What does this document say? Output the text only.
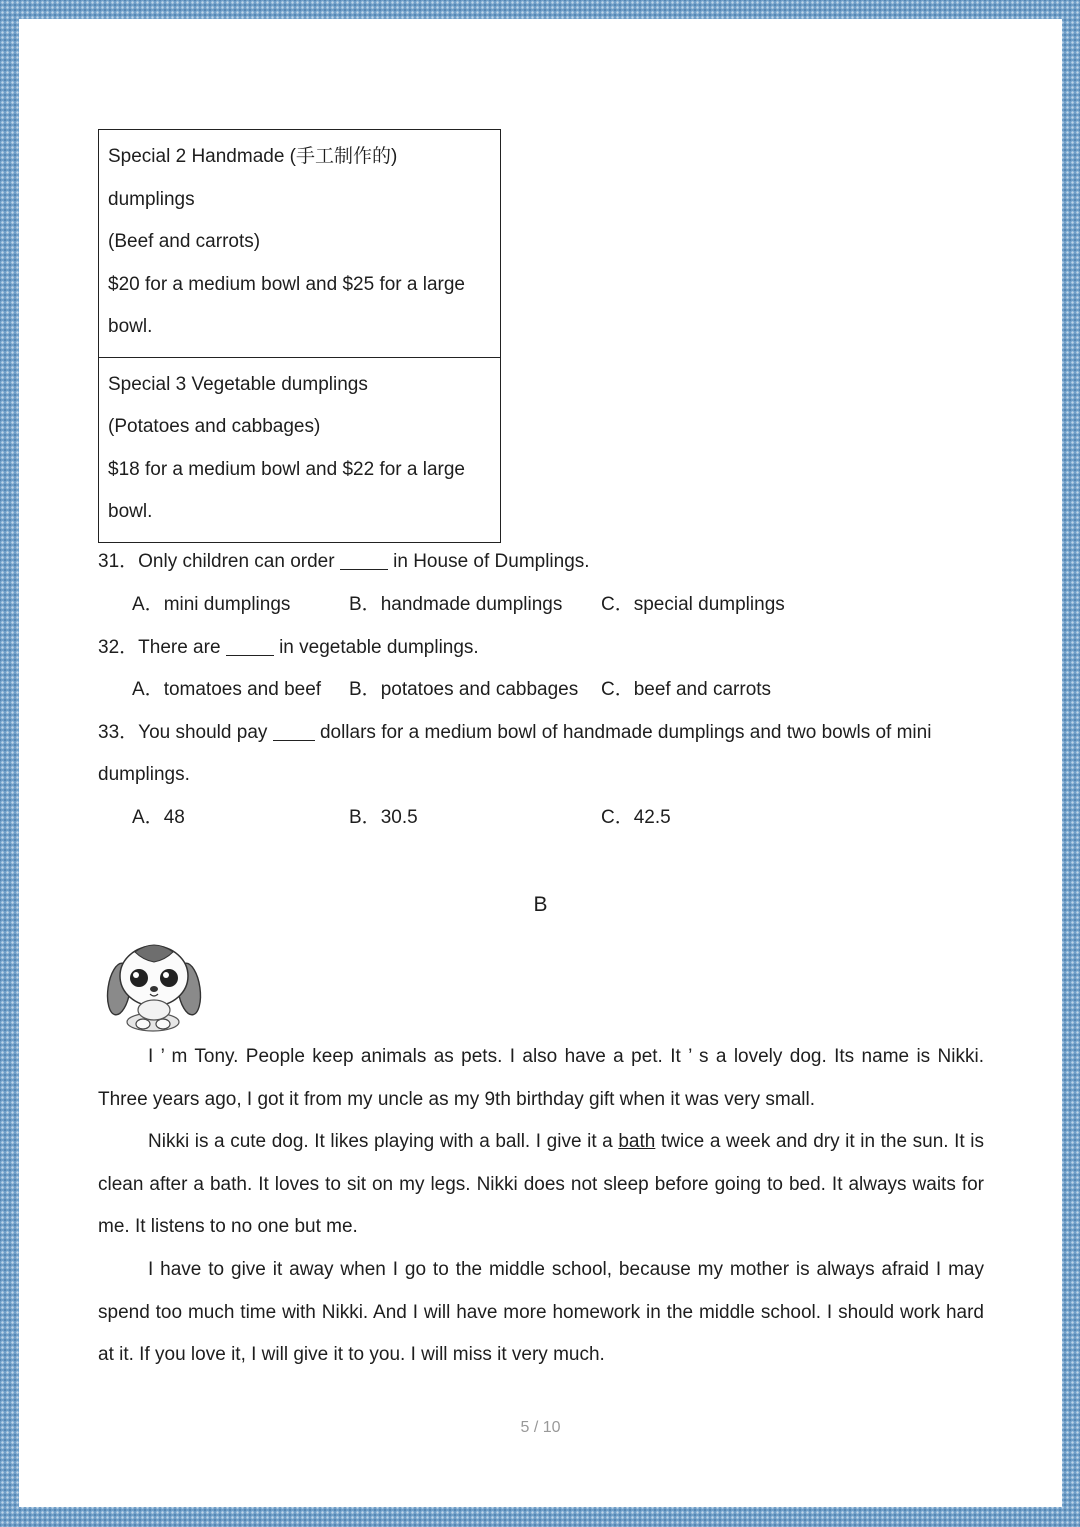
Special 2 Handmade (手工制作的)
dumplings
(Beef and carrots)
$20 for a medium bowl and $25 for a large
bowl.
Special 3 Vegetable dumplings
(Potatoes and cabbages)
$18 for a medium bowl and $22 for a large
bowl.
31．Only children can order	in House of Dumplings.
A．mini dumplings	B．handmade dumplings C．special dumplings
32．There are	in vegetable dumplings.
A．tomatoes and beef B．potatoes and cabbages C．beef and carrots
33．You should pay	dollars for a medium bowl of handmade dumplings and two bowls of mini
dumplings.
A．48	B．30.5	C．42.5
B

I ’ m Tony. People keep animals as pets. I also have a pet. It ’ s a lovely dog. Its name is Nikki. Three years ago, I got it from my uncle as my 9th birthday gift when it was very small.

Nikki is a cute dog. It likes playing with a ball. I give it a bath twice a week and dry it in the sun. It is clean after a bath. It loves to sit on my legs. Nikki does not sleep before going to bed. It always waits for me. It listens to no one but me.

I have to give it away when I go to the middle school, because my mother is always afraid I may spend too much time with Nikki. And I will have more homework in the middle school. I should work hard at it. If you love it, I will give it to you. I will miss it very much.

5 / 10
